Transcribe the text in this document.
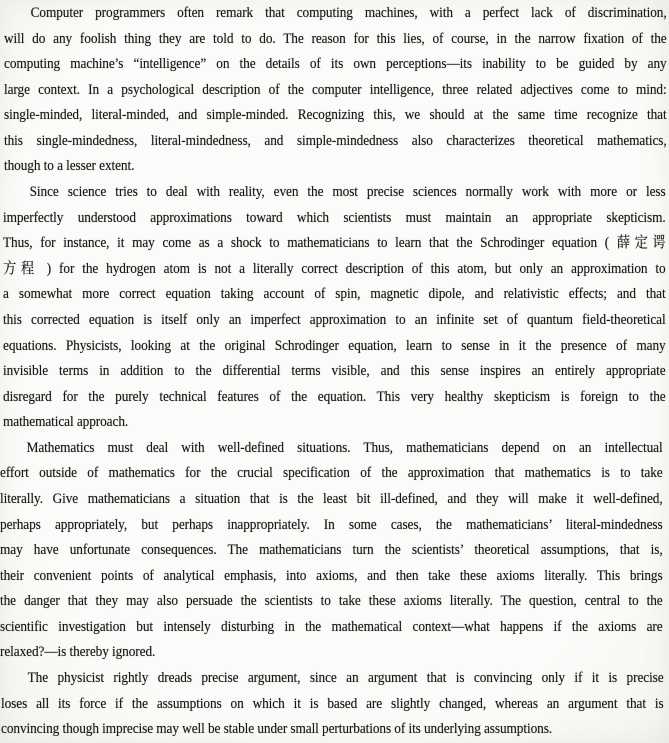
Computer programmers often remark that computing machines, with a perfect lack of discrimination,
will do any foolish thing they are told to do. The reason for this lies, of course, in the narrow fixation of the
computing machine’s “intelligence” on the details of its own perceptions—its inability to be guided by any
large context. In a psychological description of the computer intelligence, three related adjectives come to mind:
single-minded, literal-minded, and simple-minded. Recognizing this, we should at the same time recognize that
this single-mindedness, literal-mindedness, and simple-mindedness also characterizes theoretical mathematics,
though to a lesser extent.

Since science tries to deal with reality, even the most precise sciences normally work with more or less
imperfectly understood approximations toward which scientists must maintain an appropriate skepticism.
Thus, for instance, it may come as a shock to mathematicians to learn that the Schrodinger equation ( 薛定谔
方程 ) for the hydrogen atom is not a literally correct description of this atom, but only an approximation to
a somewhat more correct equation taking account of spin, magnetic dipole, and relativistic effects; and that
this corrected equation is itself only an imperfect approximation to an infinite set of quantum field-theoretical
equations. Physicists, looking at the original Schrodinger equation, learn to sense in it the presence of many
invisible terms in addition to the differential terms visible, and this sense inspires an entirely appropriate
disregard for the purely technical features of the equation. This very healthy skepticism is foreign to the
mathematical approach.

Mathematics must deal with well-defined situations. Thus, mathematicians depend on an intellectual
effort outside of mathematics for the crucial specification of the approximation that mathematics is to take
literally. Give mathematicians a situation that is the least bit ill-defined, and they will make it well-defined,
perhaps appropriately, but perhaps inappropriately. In some cases, the mathematicians’ literal-mindedness
may have unfortunate consequences. The mathematicians turn the scientists’ theoretical assumptions, that is,
their convenient points of analytical emphasis, into axioms, and then take these axioms literally. This brings
the danger that they may also persuade the scientists to take these axioms literally. The question, central to the
scientific investigation but intensely disturbing in the mathematical context—what happens if the axioms are
relaxed?—is thereby ignored.

The physicist rightly dreads precise argument, since an argument that is convincing only if it is precise
loses all its force if the assumptions on which it is based are slightly changed, whereas an argument that is
convincing though imprecise may well be stable under small perturbations of its underlying assumptions.
